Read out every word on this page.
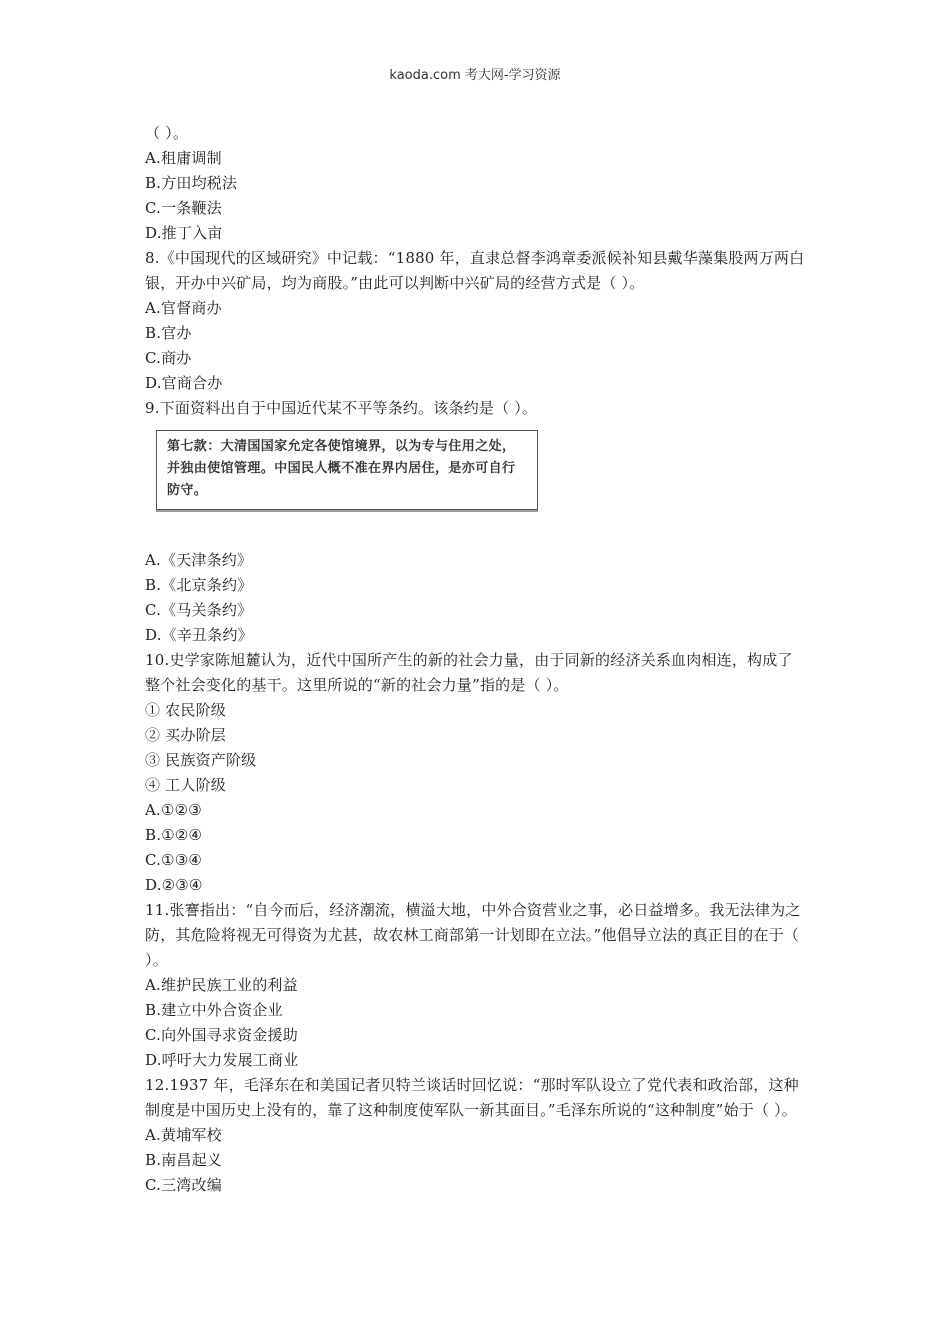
kaoda.com 考大网-学习资源
（ ）。
A.租庸调制
B.方田均税法
C.一条鞭法
D.推丁入亩
8.《中国现代的区域研究》中记载：“1880 年，直隶总督李鸿章委派候补知县戴华藻集股两万两白银，开办中兴矿局，均为商股。”由此可以判断中兴矿局的经营方式是（ ）。
A.官督商办
B.官办
C.商办
D.官商合办
9.下面资料出自于中国近代某不平等条约。该条约是（ ）。
第七款：大清国国家允定各使馆境界，以为专与住用之处，并独由使馆管理。中国民人概不准在界内居住，是亦可自行防守。
A.《天津条约》
B.《北京条约》
C.《马关条约》
D.《辛丑条约》
10.史学家陈旭麓认为，近代中国所产生的新的社会力量，由于同新的经济关系血肉相连，构成了整个社会变化的基干。这里所说的“新的社会力量”指的是（ ）。
① 农民阶级
② 买办阶层
③ 民族资产阶级
④ 工人阶级
A.①②③
B.①②④
C.①③④
D.②③④
11.张謇指出：“自今而后，经济潮流，横溢大地，中外合资营业之事，必日益增多。我无法律为之防，其危险将视无可得资为尤甚，故农林工商部第一计划即在立法。”他倡导立法的真正目的在于（ ）。
A.维护民族工业的利益
B.建立中外合资企业
C.向外国寻求资金援助
D.呼吁大力发展工商业
12.1937 年，毛泽东在和美国记者贝特兰谈话时回忆说：“那时军队设立了党代表和政治部，这种制度是中国历史上没有的，靠了这种制度使军队一新其面目。”毛泽东所说的“这种制度”始于（ ）。
A.黄埔军校
B.南昌起义
C.三湾改编
